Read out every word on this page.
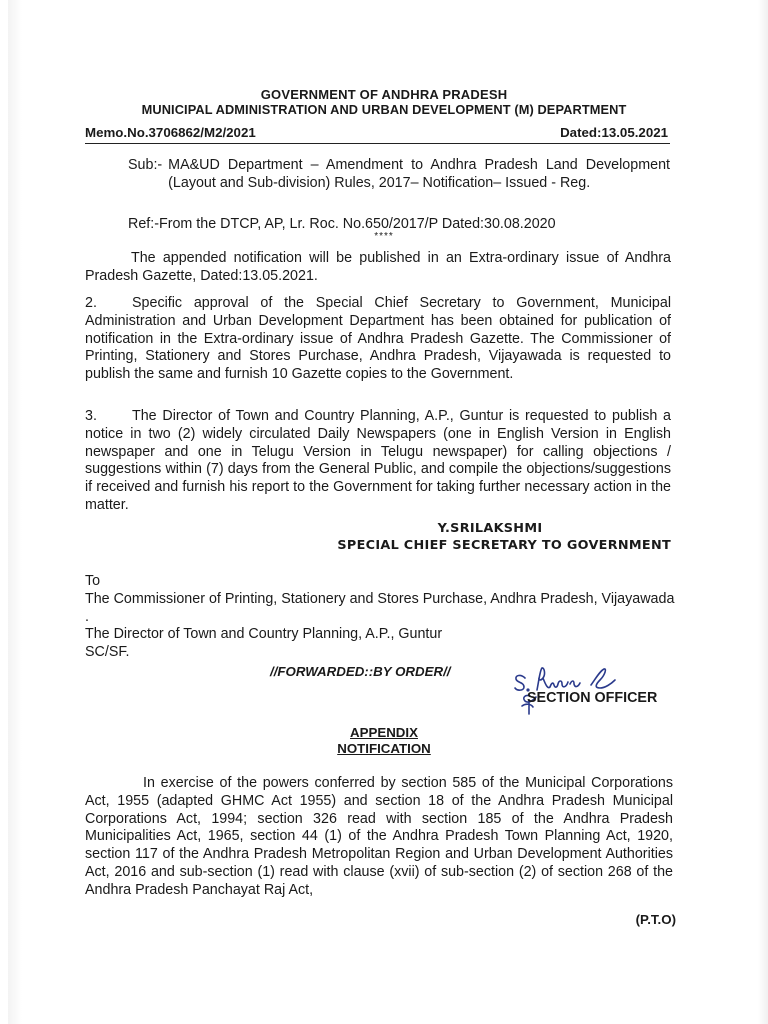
GOVERNMENT OF ANDHRA PRADESH
MUNICIPAL ADMINISTRATION AND URBAN DEVELOPMENT (M) DEPARTMENT
Memo.No.3706862/M2/2021	Dated:13.05.2021
Sub:- MA&UD Department – Amendment to Andhra Pradesh Land Development (Layout and Sub-division) Rules, 2017– Notification– Issued - Reg.
Ref:-From the DTCP, AP, Lr. Roc. No.650/2017/P Dated:30.08.2020
****
The appended notification will be published in an Extra-ordinary issue of Andhra Pradesh Gazette, Dated:13.05.2021.
2. Specific approval of the Special Chief Secretary to Government, Municipal Administration and Urban Development Department has been obtained for publication of notification in the Extra-ordinary issue of Andhra Pradesh Gazette. The Commissioner of Printing, Stationery and Stores Purchase, Andhra Pradesh, Vijayawada is requested to publish the same and furnish 10 Gazette copies to the Government.
3. The Director of Town and Country Planning, A.P., Guntur is requested to publish a notice in two (2) widely circulated Daily Newspapers (one in English Version in English newspaper and one in Telugu Version in Telugu newspaper) for calling objections / suggestions within (7) days from the General Public, and compile the objections/suggestions if received and furnish his report to the Government for taking further necessary action in the matter.
Y.SRILAKSHMI
SPECIAL CHIEF SECRETARY TO GOVERNMENT
To
The Commissioner of Printing, Stationery and Stores Purchase, Andhra Pradesh, Vijayawada .
The Director of Town and Country Planning, A.P., Guntur
SC/SF.
//FORWARDED::BY ORDER//
SECTION OFFICER
APPENDIX
NOTIFICATION
In exercise of the powers conferred by section 585 of the Municipal Corporations Act, 1955 (adapted GHMC Act 1955) and section 18 of the Andhra Pradesh Municipal Corporations Act, 1994; section 326 read with section 185 of the Andhra Pradesh Municipalities Act, 1965, section 44 (1) of the Andhra Pradesh Town Planning Act, 1920, section 117 of the Andhra Pradesh Metropolitan Region and Urban Development Authorities Act, 2016 and sub-section (1) read with clause (xvii) of sub-section (2) of section 268 of the Andhra Pradesh Panchayat Raj Act,
(P.T.O)
